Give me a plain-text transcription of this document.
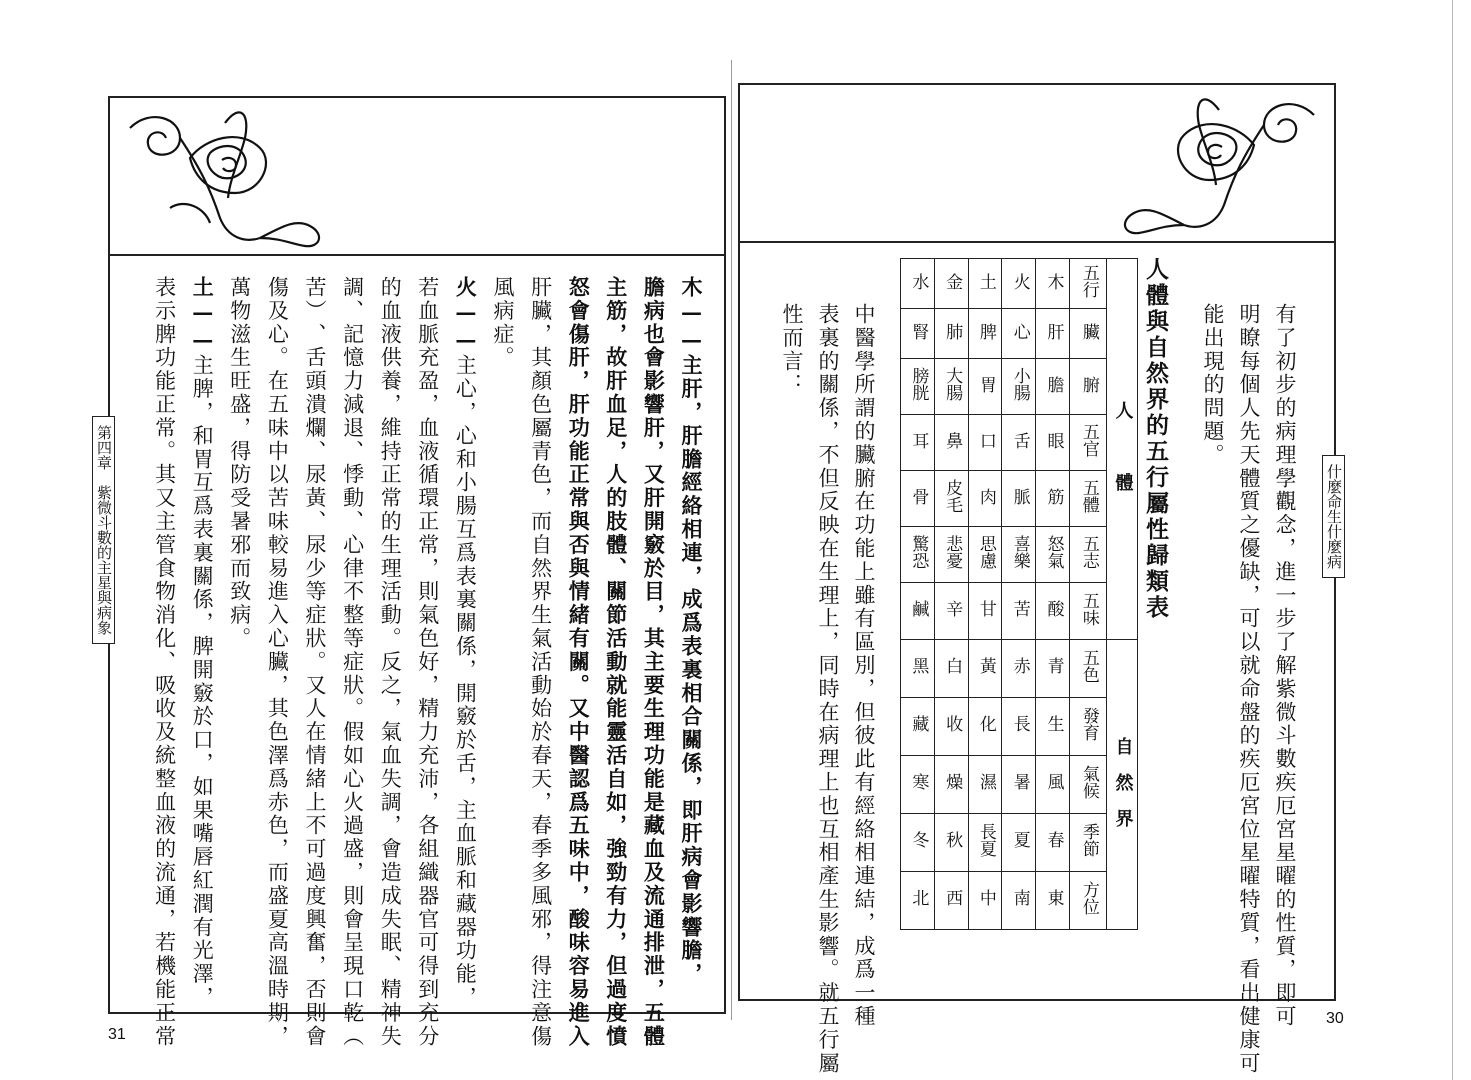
木——主肝，肝膽經絡相連，成爲表裏相合關係，即肝病會影響膽，
膽病也會影響肝，又肝開竅於目，其主要生理功能是藏血及流通排泄，五體
主筋，故肝血足，人的肢體、關節活動就能靈活自如，強勁有力，但過度憤
怒會傷肝，肝功能正常與否與情緒有關。又中醫認爲五味中，酸味容易進入
肝臟，其顏色屬青色，而自然界生氣活動始於春天，春季多風邪，得注意傷
風病症。
火——主心，心和小腸互爲表裏關係，開竅於舌，主血脈和藏器功能，
若血脈充盈，血液循環正常，則氣色好，精力充沛，各組織器官可得到充分
的血液供養，維持正常的生理活動。反之，氣血失調，會造成失眠、精神失
調、記憶力減退、悸動、心律不整等症狀。假如心火過盛，則會呈現口乾︵
苦︶、舌頭潰爛、尿黃、尿少等症狀。又人在情緒上不可過度興奮，否則會
傷及心。在五味中以苦味較易進入心臟，其色澤爲赤色，而盛夏高溫時期，
萬物滋生旺盛，得防受暑邪而致病。
土——主脾，和胃互爲表裏關係，脾開竅於口，如果嘴唇紅潤有光澤，
表示脾功能正常。其又主管食物消化、吸收及統整血液的流通，若機能正常
第四章　紫微斗數的主星與病象
31
什麼命生什麼病
有了初步的病理學觀念，進一步了解紫微斗數疾厄宮星曜的性質，即可
明瞭每個人先天體質之優缺，可以就命盤的疾厄宮位星曜特質，看出健康可
能出現的問題。
人體與自然界的五行屬性歸類表
水	金	土	火	木	五行	人　　　體
腎	肺	脾	心	肝	臟	
膀胱	大腸	胃	小腸	膽	腑	
耳	鼻	口	舌	眼	五官	
骨	皮毛	肉	脈	筋	五體	
驚恐	悲憂	思慮	喜樂	怒氣	五志	
鹹	辛	甘	苦	酸	五味	
黑	白	黃	赤	青	五色	自　然　界
藏	收	化	長	生	發育	
寒	燥	濕	暑	風	氣候	
冬	秋	長夏	夏	春	季節	
北	西	中	南	東	方位	
中醫學所謂的臟腑在功能上雖有區別，但彼此有經絡相連結，成爲一種
表裏的關係，不但反映在生理上，同時在病理上也互相產生影響。就五行屬
性而言：
30
